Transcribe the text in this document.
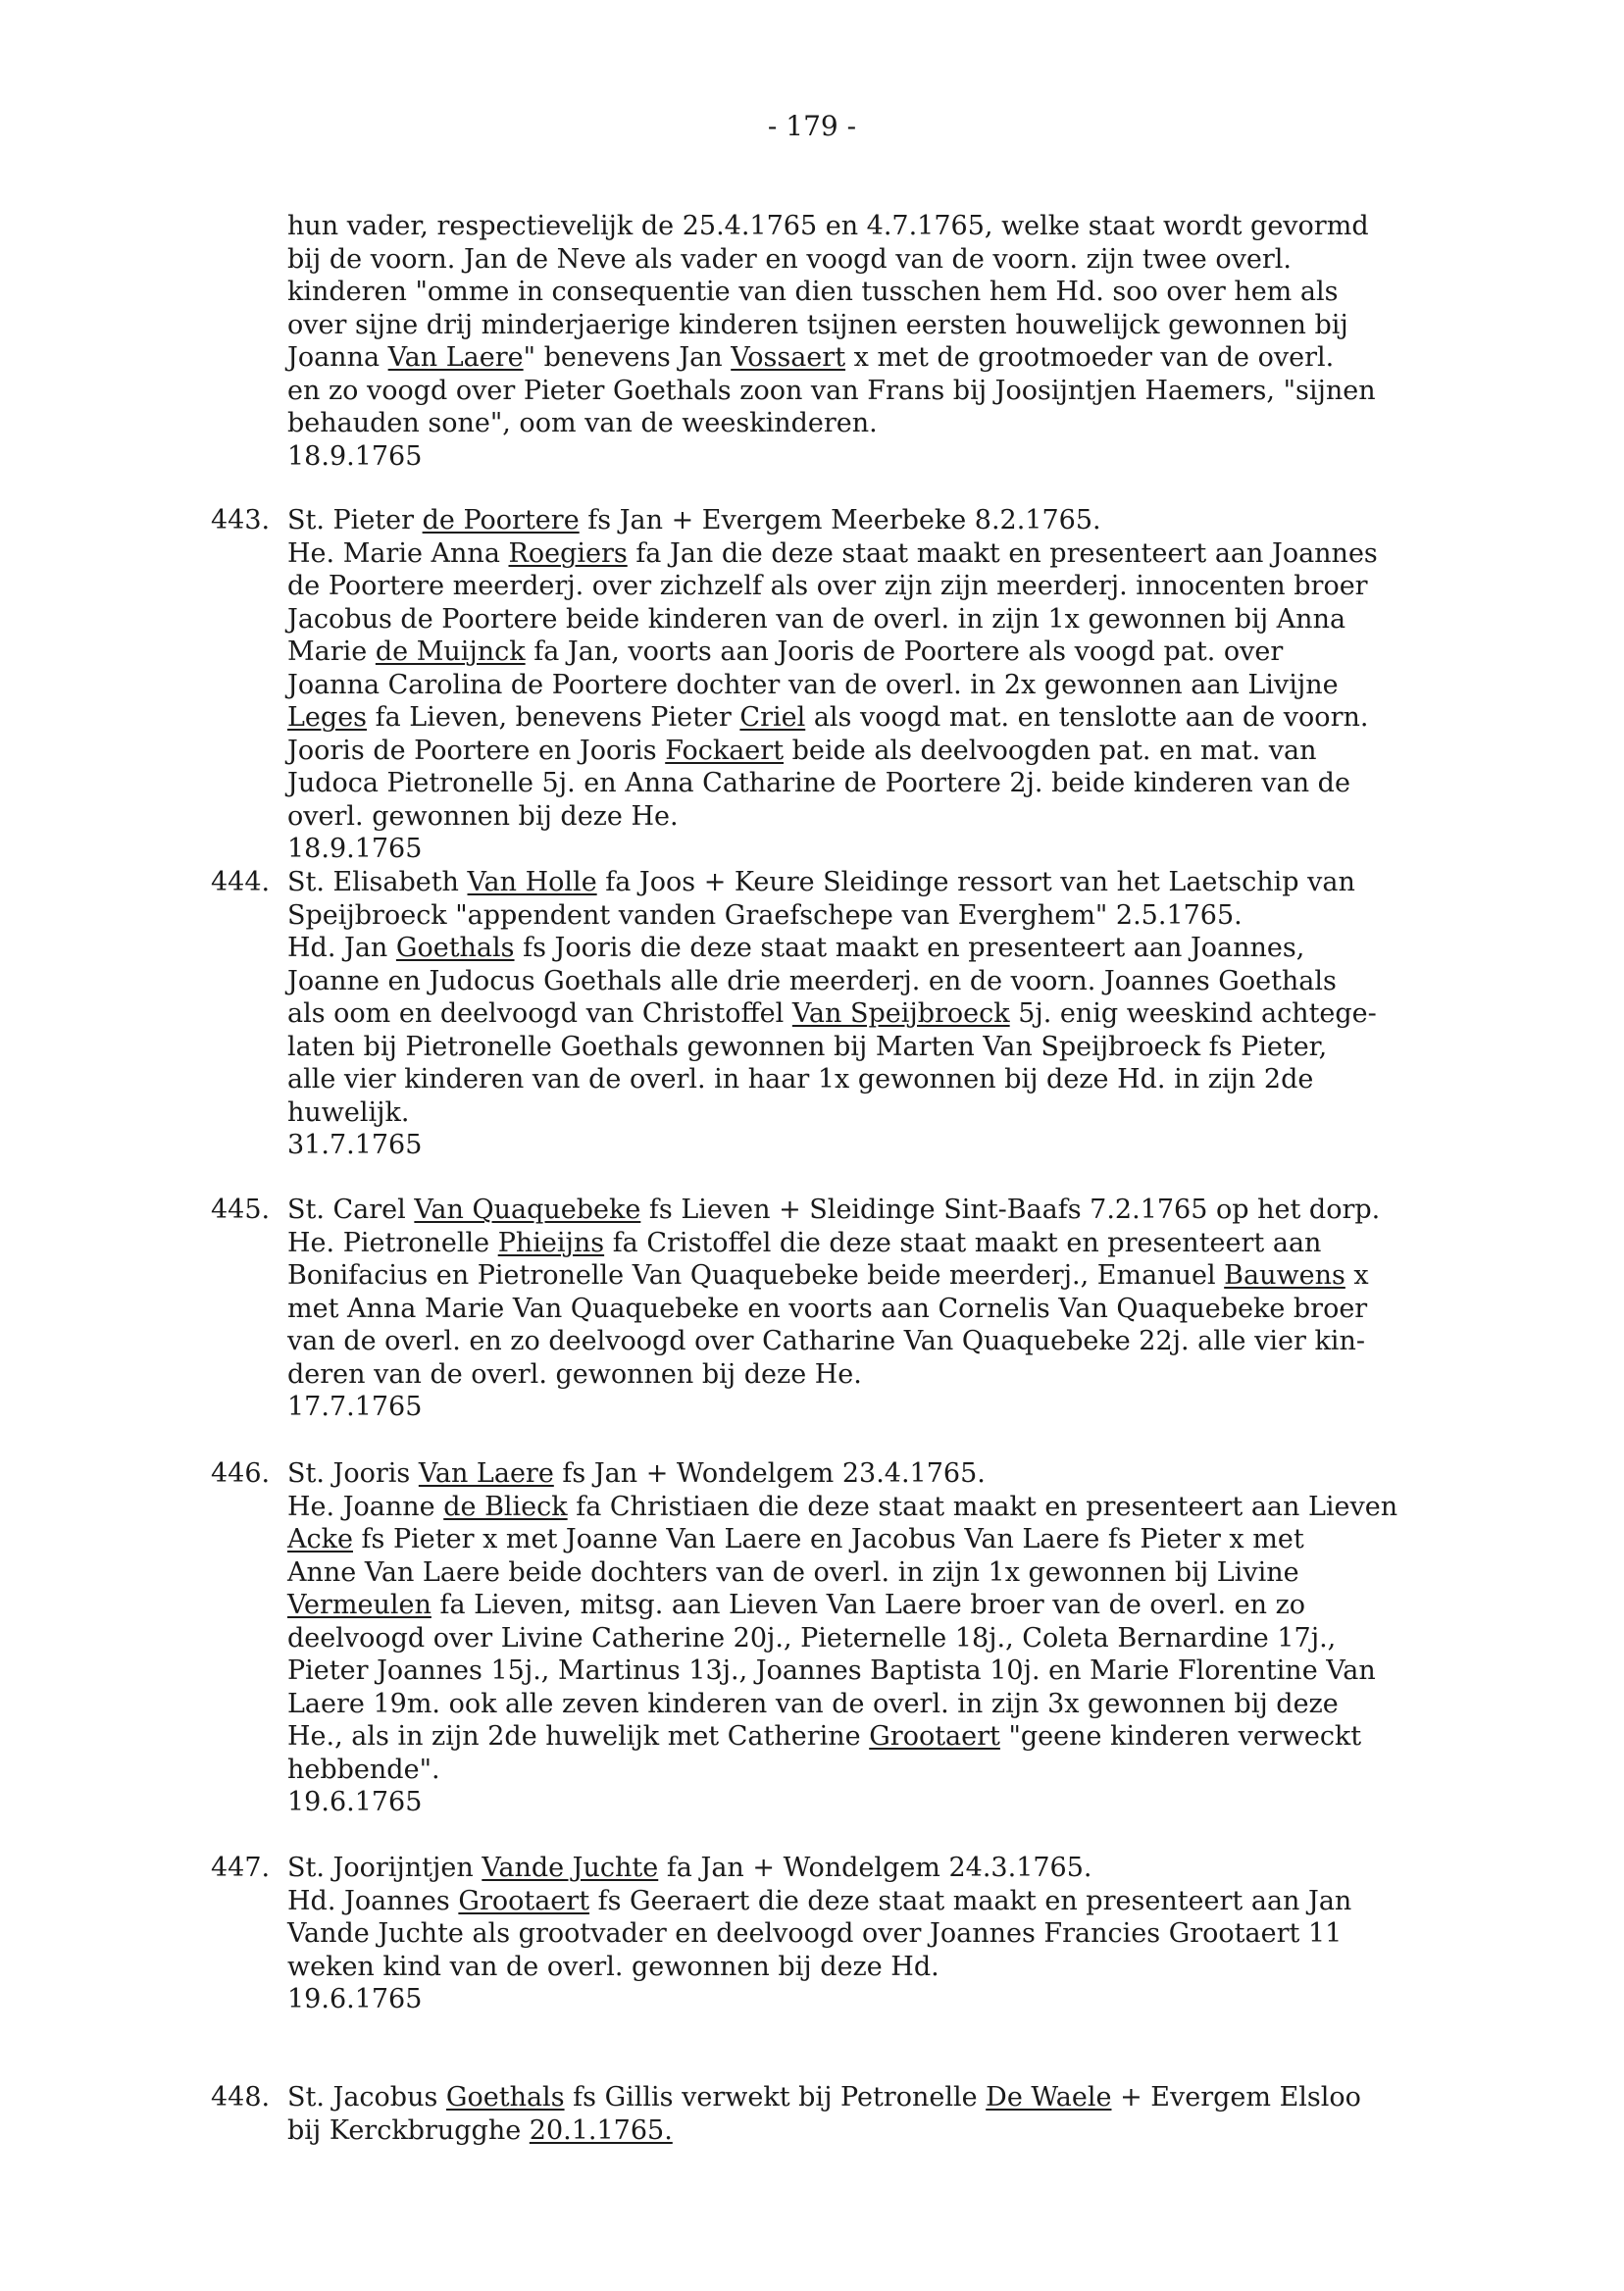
- 179 -
hun vader, respectievelijk de 25.4.1765 en 4.7.1765, welke staat wordt gevormd
bij de voorn. Jan de Neve als vader en voogd van de voorn. zijn twee overl.
kinderen "omme in consequentie van dien tusschen hem Hd. soo over hem als
over sijne drij minderjaerige kinderen tsijnen eersten houwelijck gewonnen bij
Joanna Van Laere" benevens Jan Vossaert x met de grootmoeder van de overl.
en zo voogd over Pieter Goethals zoon van Frans bij Joosijntjen Haemers, "sijnen
behauden sone", oom van de weeskinderen.
18.9.1765
443. St. Pieter de Poortere fs Jan + Evergem Meerbeke 8.2.1765.
He. Marie Anna Roegiers fa Jan die deze staat maakt en presenteert aan Joannes
de Poortere meerderj. over zichzelf als over zijn zijn meerderj. innocenten broer
Jacobus de Poortere beide kinderen van de overl. in zijn 1x gewonnen bij Anna
Marie de Muijnck fa Jan, voorts aan Jooris de Poortere als voogd pat. over
Joanna Carolina de Poortere dochter van de overl. in 2x gewonnen aan Livijne
Leges fa Lieven, benevens Pieter Criel als voogd mat. en tenslotte aan de voorn.
Jooris de Poortere en Jooris Fockaert beide als deelvoogden pat. en mat. van
Judoca Pietronelle 5j. en Anna Catharine de Poortere 2j. beide kinderen van de
overl. gewonnen bij deze He.
18.9.1765
444. St. Elisabeth Van Holle fa Joos + Keure Sleidinge ressort van het Laetschip van
Speijbroeck "appendent vanden Graefschepe van Everghem" 2.5.1765.
Hd. Jan Goethals fs Jooris die deze staat maakt en presenteert aan Joannes,
Joanne en Judocus Goethals alle drie meerderj. en de voorn. Joannes Goethals
als oom en deelvoogd van Christoffel Van Speijbroeck 5j. enig weeskind achtege-
laten bij Pietronelle Goethals gewonnen bij Marten Van Speijbroeck fs Pieter,
alle vier kinderen van de overl. in haar 1x gewonnen bij deze Hd. in zijn 2de
huwelijk.
31.7.1765
445. St. Carel Van Quaquebeke fs Lieven + Sleidinge Sint-Baafs 7.2.1765 op het dorp.
He. Pietronelle Phieijns fa Cristoffel die deze staat maakt en presenteert aan
Bonifacius en Pietronelle Van Quaquebeke beide meerderj., Emanuel Bauwens x
met Anna Marie Van Quaquebeke en voorts aan Cornelis Van Quaquebeke broer
van de overl. en zo deelvoogd over Catharine Van Quaquebeke 22j. alle vier kin-
deren van de overl. gewonnen bij deze He.
17.7.1765
446. St. Jooris Van Laere fs Jan + Wondelgem 23.4.1765.
He. Joanne de Blieck fa Christiaen die deze staat maakt en presenteert aan Lieven
Acke fs Pieter x met Joanne Van Laere en Jacobus Van Laere fs Pieter x met
Anne Van Laere beide dochters van de overl. in zijn 1x gewonnen bij Livine
Vermeulen fa Lieven, mitsg. aan Lieven Van Laere broer van de overl. en zo
deelvoogd over Livine Catherine 20j., Pieternelle 18j., Coleta Bernardine 17j.,
Pieter Joannes 15j., Martinus 13j., Joannes Baptista 10j. en Marie Florentine Van
Laere 19m. ook alle zeven kinderen van de overl. in zijn 3x gewonnen bij deze
He., als in zijn 2de huwelijk met Catherine Grootaert "geene kinderen verweckt
hebbende".
19.6.1765
447. St. Joorijntjen Vande Juchte fa Jan + Wondelgem 24.3.1765.
Hd. Joannes Grootaert fs Geeraert die deze staat maakt en presenteert aan Jan
Vande Juchte als grootvader en deelvoogd over Joannes Francies Grootaert 11
weken kind van de overl. gewonnen bij deze Hd.
19.6.1765
448. St. Jacobus Goethals fs Gillis verwekt bij Petronelle De Waele + Evergem Elsloo
bij Kerckbrugghe 20.1.1765.
